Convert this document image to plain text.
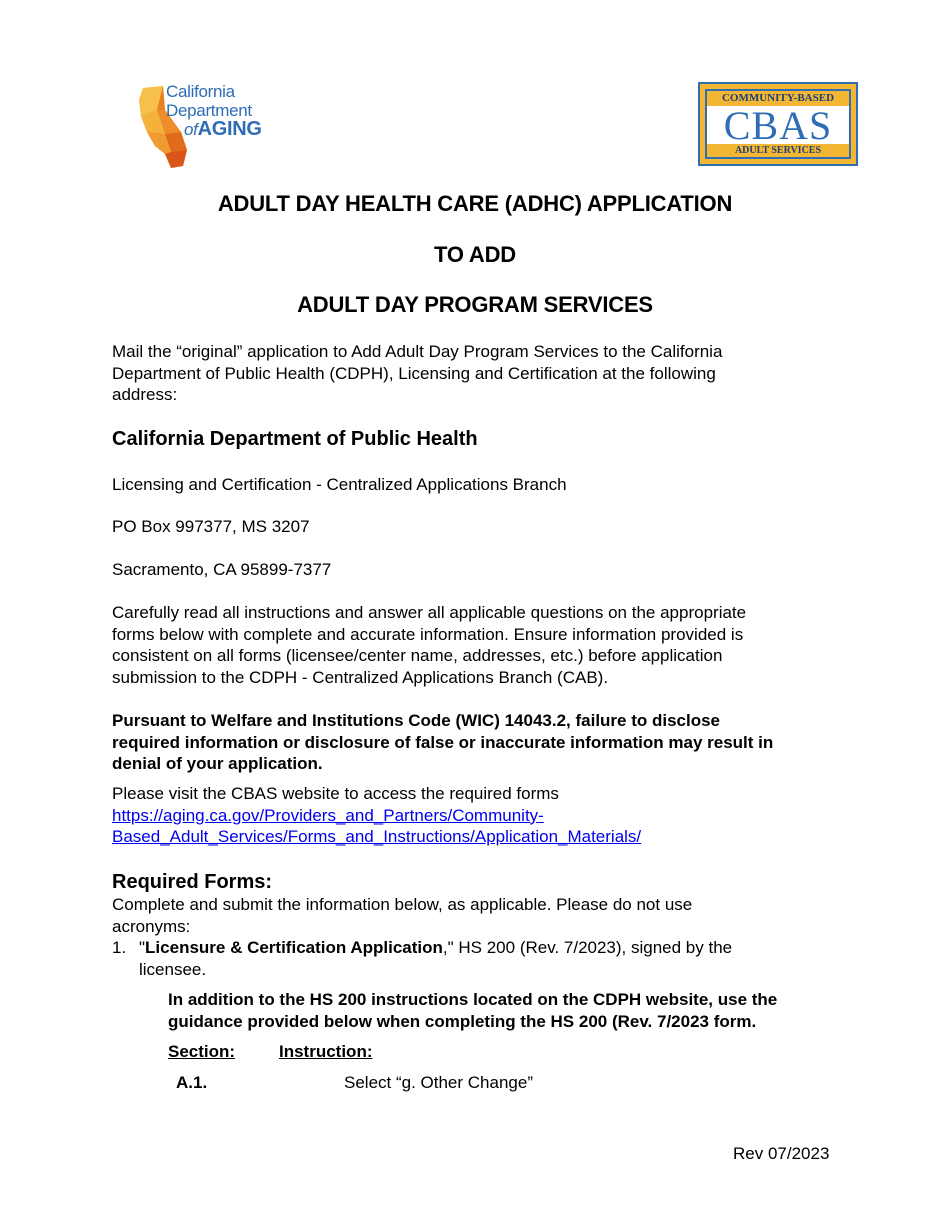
California
Department
ofAGING
COMMUNITY-BASED
CBAS
ADULT SERVICES
ADULT DAY HEALTH CARE (ADHC) APPLICATION
TO ADD
ADULT DAY PROGRAM SERVICES
Mail the “original” application to Add Adult Day Program Services to the California
Department of Public Health (CDPH), Licensing and Certification at the following
address:
California Department of Public Health
Licensing and Certification - Centralized Applications Branch
PO Box 997377, MS 3207
Sacramento, CA 95899-7377
Carefully read all instructions and answer all applicable questions on the appropriate
forms below with complete and accurate information. Ensure information provided is
consistent on all forms (licensee/center name, addresses, etc.) before application
submission to the CDPH - Centralized Applications Branch (CAB).
Pursuant to Welfare and Institutions Code (WIC) 14043.2, failure to disclose
required information or disclosure of false or inaccurate information may result in
denial of your application.
Please visit the CBAS website to access the required forms
https://aging.ca.gov/Providers_and_Partners/Community-
Based_Adult_Services/Forms_and_Instructions/Application_Materials/
Required Forms:
Complete and submit the information below, as applicable. Please do not use
acronyms:
1. "Licensure & Certification Application," HS 200 (Rev. 7/2023), signed by the
licensee.
In addition to the HS 200 instructions located on the CDPH website, use the
guidance provided below when completing the HS 200 (Rev. 7/2023 form.
Section:	Instruction:
A.1.	Select “g. Other Change”
Rev 07/2023
